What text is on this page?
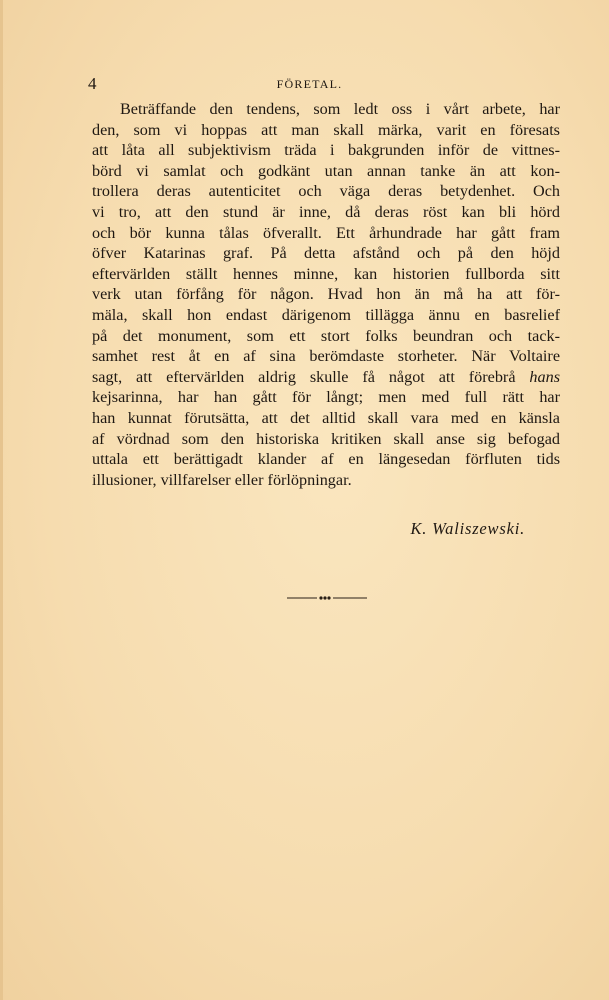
4	FÖRETAL.
Beträffande den tendens, som ledt oss i vårt arbete, har
den, som vi hoppas att man skall märka, varit en föresats
att låta all subjektivism träda i bakgrunden inför de vittnes-
börd vi samlat och godkänt utan annan tanke än att kon-
trollera deras autenticitet och väga deras betydenhet. Och
vi tro, att den stund är inne, då deras röst kan bli hörd
och bör kunna tålas öfverallt. Ett århundrade har gått fram
öfver Katarinas graf. På detta afstånd och på den höjd
eftervärlden ställt hennes minne, kan historien fullborda sitt
verk utan förfång för någon. Hvad hon än må ha att för-
mäla, skall hon endast därigenom tillägga ännu en basrelief
på det monument, som ett stort folks beundran och tack-
samhet rest åt en af sina berömdaste storheter. När Voltaire
sagt, att eftervärlden aldrig skulle få något att förebrå hans
kejsarinna, har han gått för långt; men med full rätt har
han kunnat förutsätta, att det alltid skall vara med en känsla
af vördnad som den historiska kritiken skall anse sig befogad
uttala ett berättigadt klander af en längesedan förfluten tids
illusioner, villfarelser eller förlöpningar.
K. Waliszewski.
